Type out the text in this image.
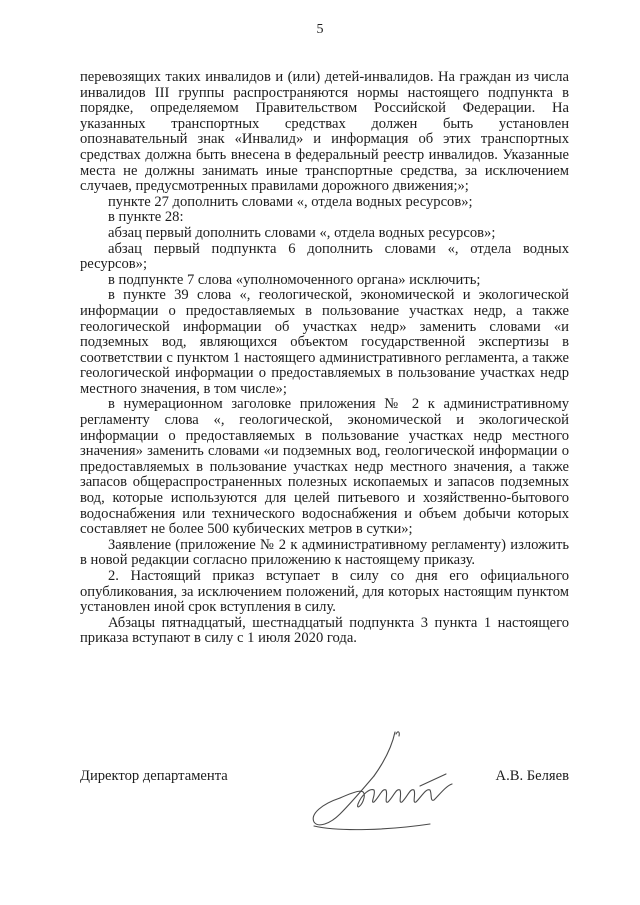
5

перевозящих таких инвалидов и (или) детей-инвалидов. На граждан из числа инвалидов III группы распространяются нормы настоящего подпункта в порядке, определяемом Правительством Российской Федерации. На указанных транспортных средствах должен быть установлен опознавательный знак «Инвалид» и информация об этих транспортных средствах должна быть внесена в федеральный реестр инвалидов. Указанные места не должны занимать иные транспортные средства, за исключением случаев, предусмотренных правилами дорожного движения;»;

пункте 27 дополнить словами «, отдела водных ресурсов»;

в пункте 28:

абзац первый дополнить словами «, отдела водных ресурсов»;

абзац первый подпункта 6 дополнить словами «, отдела водных ресурсов»;

в подпункте 7 слова «уполномоченного органа» исключить;

в пункте 39 слова «, геологической, экономической и экологической информации о предоставляемых в пользование участках недр, а также геологической информации об участках недр» заменить словами «и подземных вод, являющихся объектом государственной экспертизы в соответствии с пунктом 1 настоящего административного регламента, а также геологической информации о предоставляемых в пользование участках недр местного значения, в том числе»;

в нумерационном заголовке приложения № 2 к административному регламенту слова «, геологической, экономической и экологической информации о предоставляемых в пользование участках недр местного значения» заменить словами «и подземных вод, геологической информации о предоставляемых в пользование участках недр местного значения, а также запасов общераспространенных полезных ископаемых и запасов подземных вод, которые используются для целей питьевого и хозяйственно-бытового водоснабжения или технического водоснабжения и объем добычи которых составляет не более 500 кубических метров в сутки»;

Заявление (приложение № 2 к административному регламенту) изложить в новой редакции согласно приложению к настоящему приказу.

2. Настоящий приказ вступает в силу со дня его официального опубликования, за исключением положений, для которых настоящим пунктом установлен иной срок вступления в силу.

Абзацы пятнадцатый, шестнадцатый подпункта 3 пункта 1 настоящего приказа вступают в силу с 1 июля 2020 года.

Директор департамента	А.В. Беляев
